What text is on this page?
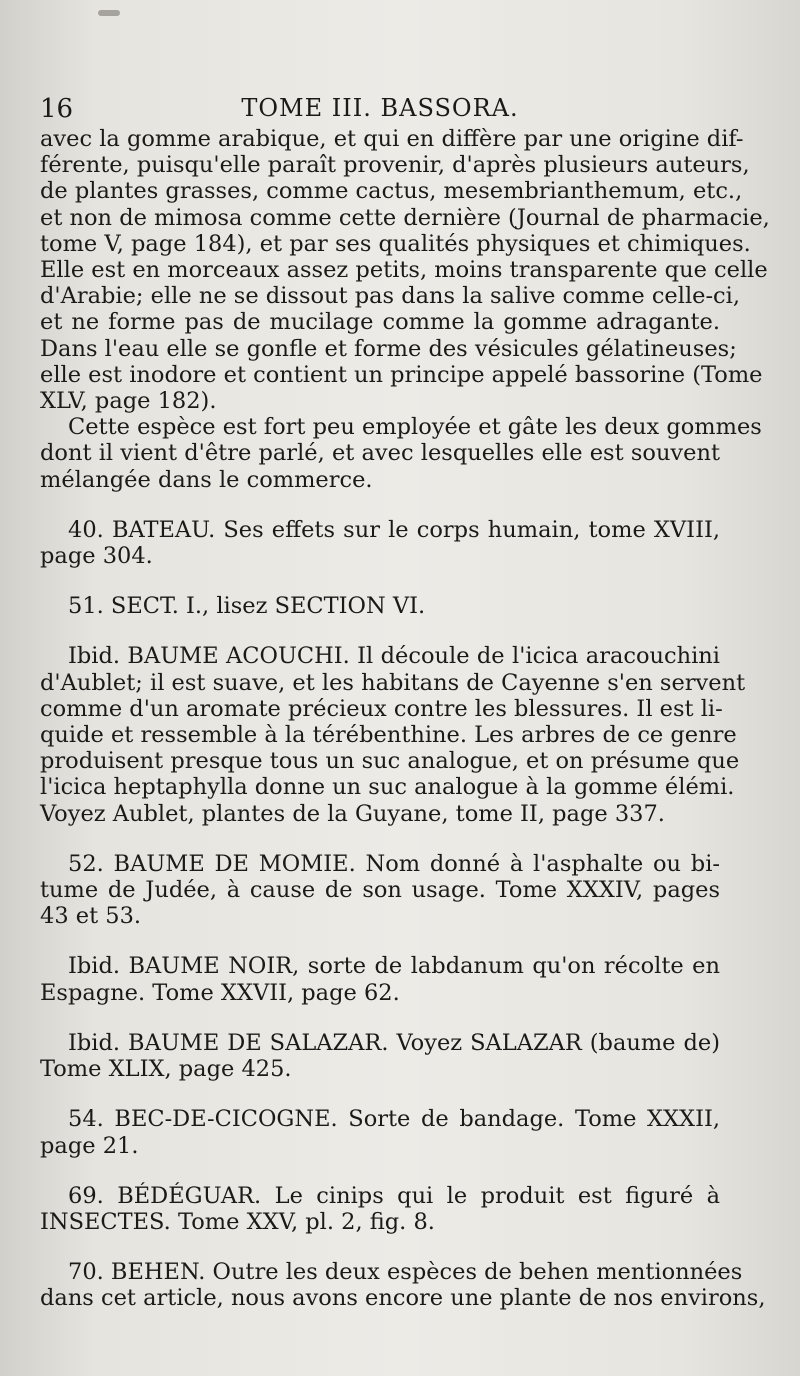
16	TOME III. BASSORA.

avec la gomme arabique, et qui en diffère par une origine dif-
férente, puisqu'elle paraît provenir, d'après plusieurs auteurs,
de plantes grasses, comme cactus, mesembrianthemum, etc.,
et non de mimosa comme cette dernière (Journal de pharmacie,
tome V, page 184), et par ses qualités physiques et chimiques.
Elle est en morceaux assez petits, moins transparente que celle
d'Arabie; elle ne se dissout pas dans la salive comme celle-ci,
et ne forme pas de mucilage comme la gomme adragante.
Dans l'eau elle se gonfle et forme des vésicules gélatineuses;
elle est inodore et contient un principe appelé bassorine (Tome
XLV, page 182).

Cette espèce est fort peu employée et gâte les deux gommes
dont il vient d'être parlé, et avec lesquelles elle est souvent
mélangée dans le commerce.

40. BATEAU. Ses effets sur le corps humain, tome XVIII,
page 304.

51. SECT. I., lisez SECTION VI.

Ibid. BAUME ACOUCHI. Il découle de l'icica aracouchini
d'Aublet; il est suave, et les habitans de Cayenne s'en servent
comme d'un aromate précieux contre les blessures. Il est li-
quide et ressemble à la térébenthine. Les arbres de ce genre
produisent presque tous un suc analogue, et on présume que
l'icica heptaphylla donne un suc analogue à la gomme élémi.
Voyez Aublet, plantes de la Guyane, tome II, page 337.

52. BAUME DE MOMIE. Nom donné à l'asphalte ou bi-
tume de Judée, à cause de son usage. Tome XXXIV, pages
43 et 53.

Ibid. BAUME NOIR, sorte de labdanum qu'on récolte en
Espagne. Tome XXVII, page 62.

Ibid. BAUME DE SALAZAR. Voyez SALAZAR (baume de)
Tome XLIX, page 425.

54. BEC-DE-CICOGNE. Sorte de bandage. Tome XXXII,
page 21.

69. BÉDÉGUAR. Le cinips qui le produit est figuré à
INSECTES. Tome XXV, pl. 2, fig. 8.

70. BEHEN. Outre les deux espèces de behen mentionnées
dans cet article, nous avons encore une plante de nos environs,
